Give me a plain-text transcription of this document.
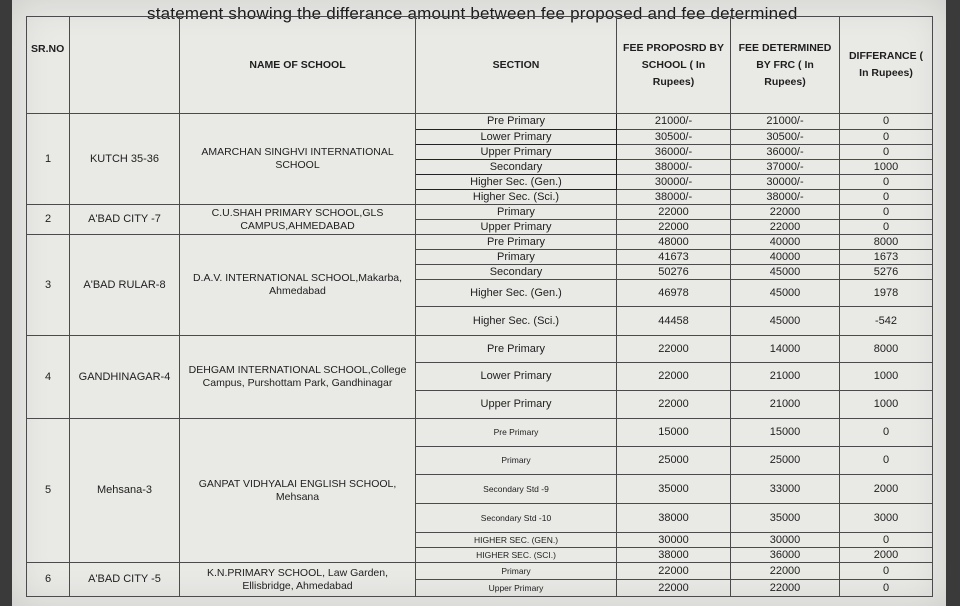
statement showing the differance amount between fee proposed and fee determined
SR.NO		NAME OF SCHOOL	SECTION	FEE PROPOSRD BY SCHOOL ( In Rupees)	FEE DETERMINED BY FRC ( In Rupees)	DIFFERANCE ( In Rupees)
1	KUTCH 35-36	AMARCHAN SINGHVI INTERNATIONAL SCHOOL	Pre Primary	21000/-	21000/-	0
			Lower Primary	30500/-	30500/-	0
			Upper Primary	36000/-	36000/-	0
			Secondary	38000/-	37000/-	1000
			Higher Sec. (Gen.)	30000/-	30000/-	0
			Higher Sec. (Sci.)	38000/-	38000/-	0
2	A'BAD CITY -7	C.U.SHAH PRIMARY SCHOOL,GLS CAMPUS,AHMEDABAD	Primary	22000	22000	0
			Upper Primary	22000	22000	0
3	A'BAD RULAR-8	D.A.V. INTERNATIONAL SCHOOL,Makarba, Ahmedabad	Pre Primary	48000	40000	8000
			Primary	41673	40000	1673
			Secondary	50276	45000	5276
			Higher Sec. (Gen.)	46978	45000	1978
			Higher Sec. (Sci.)	44458	45000	-542
4	GANDHINAGAR-4	DEHGAM INTERNATIONAL SCHOOL,College Campus, Purshottam Park, Gandhinagar	Pre Primary	22000	14000	8000
			Lower Primary	22000	21000	1000
			Upper Primary	22000	21000	1000
5	Mehsana-3	GANPAT VIDHYALAI ENGLISH SCHOOL, Mehsana	Pre Primary	15000	15000	0
			Primary	25000	25000	0
			Secondary Std -9	35000	33000	2000
			Secondary Std -10	38000	35000	3000
			HIGHER SEC. (GEN.)	30000	30000	0
			HIGHER SEC. (SCI.)	38000	36000	2000
6	A'BAD CITY -5	K.N.PRIMARY SCHOOL, Law Garden, Ellisbridge, Ahmedabad	Primary	22000	22000	0
			Upper Primary	22000	22000	0
